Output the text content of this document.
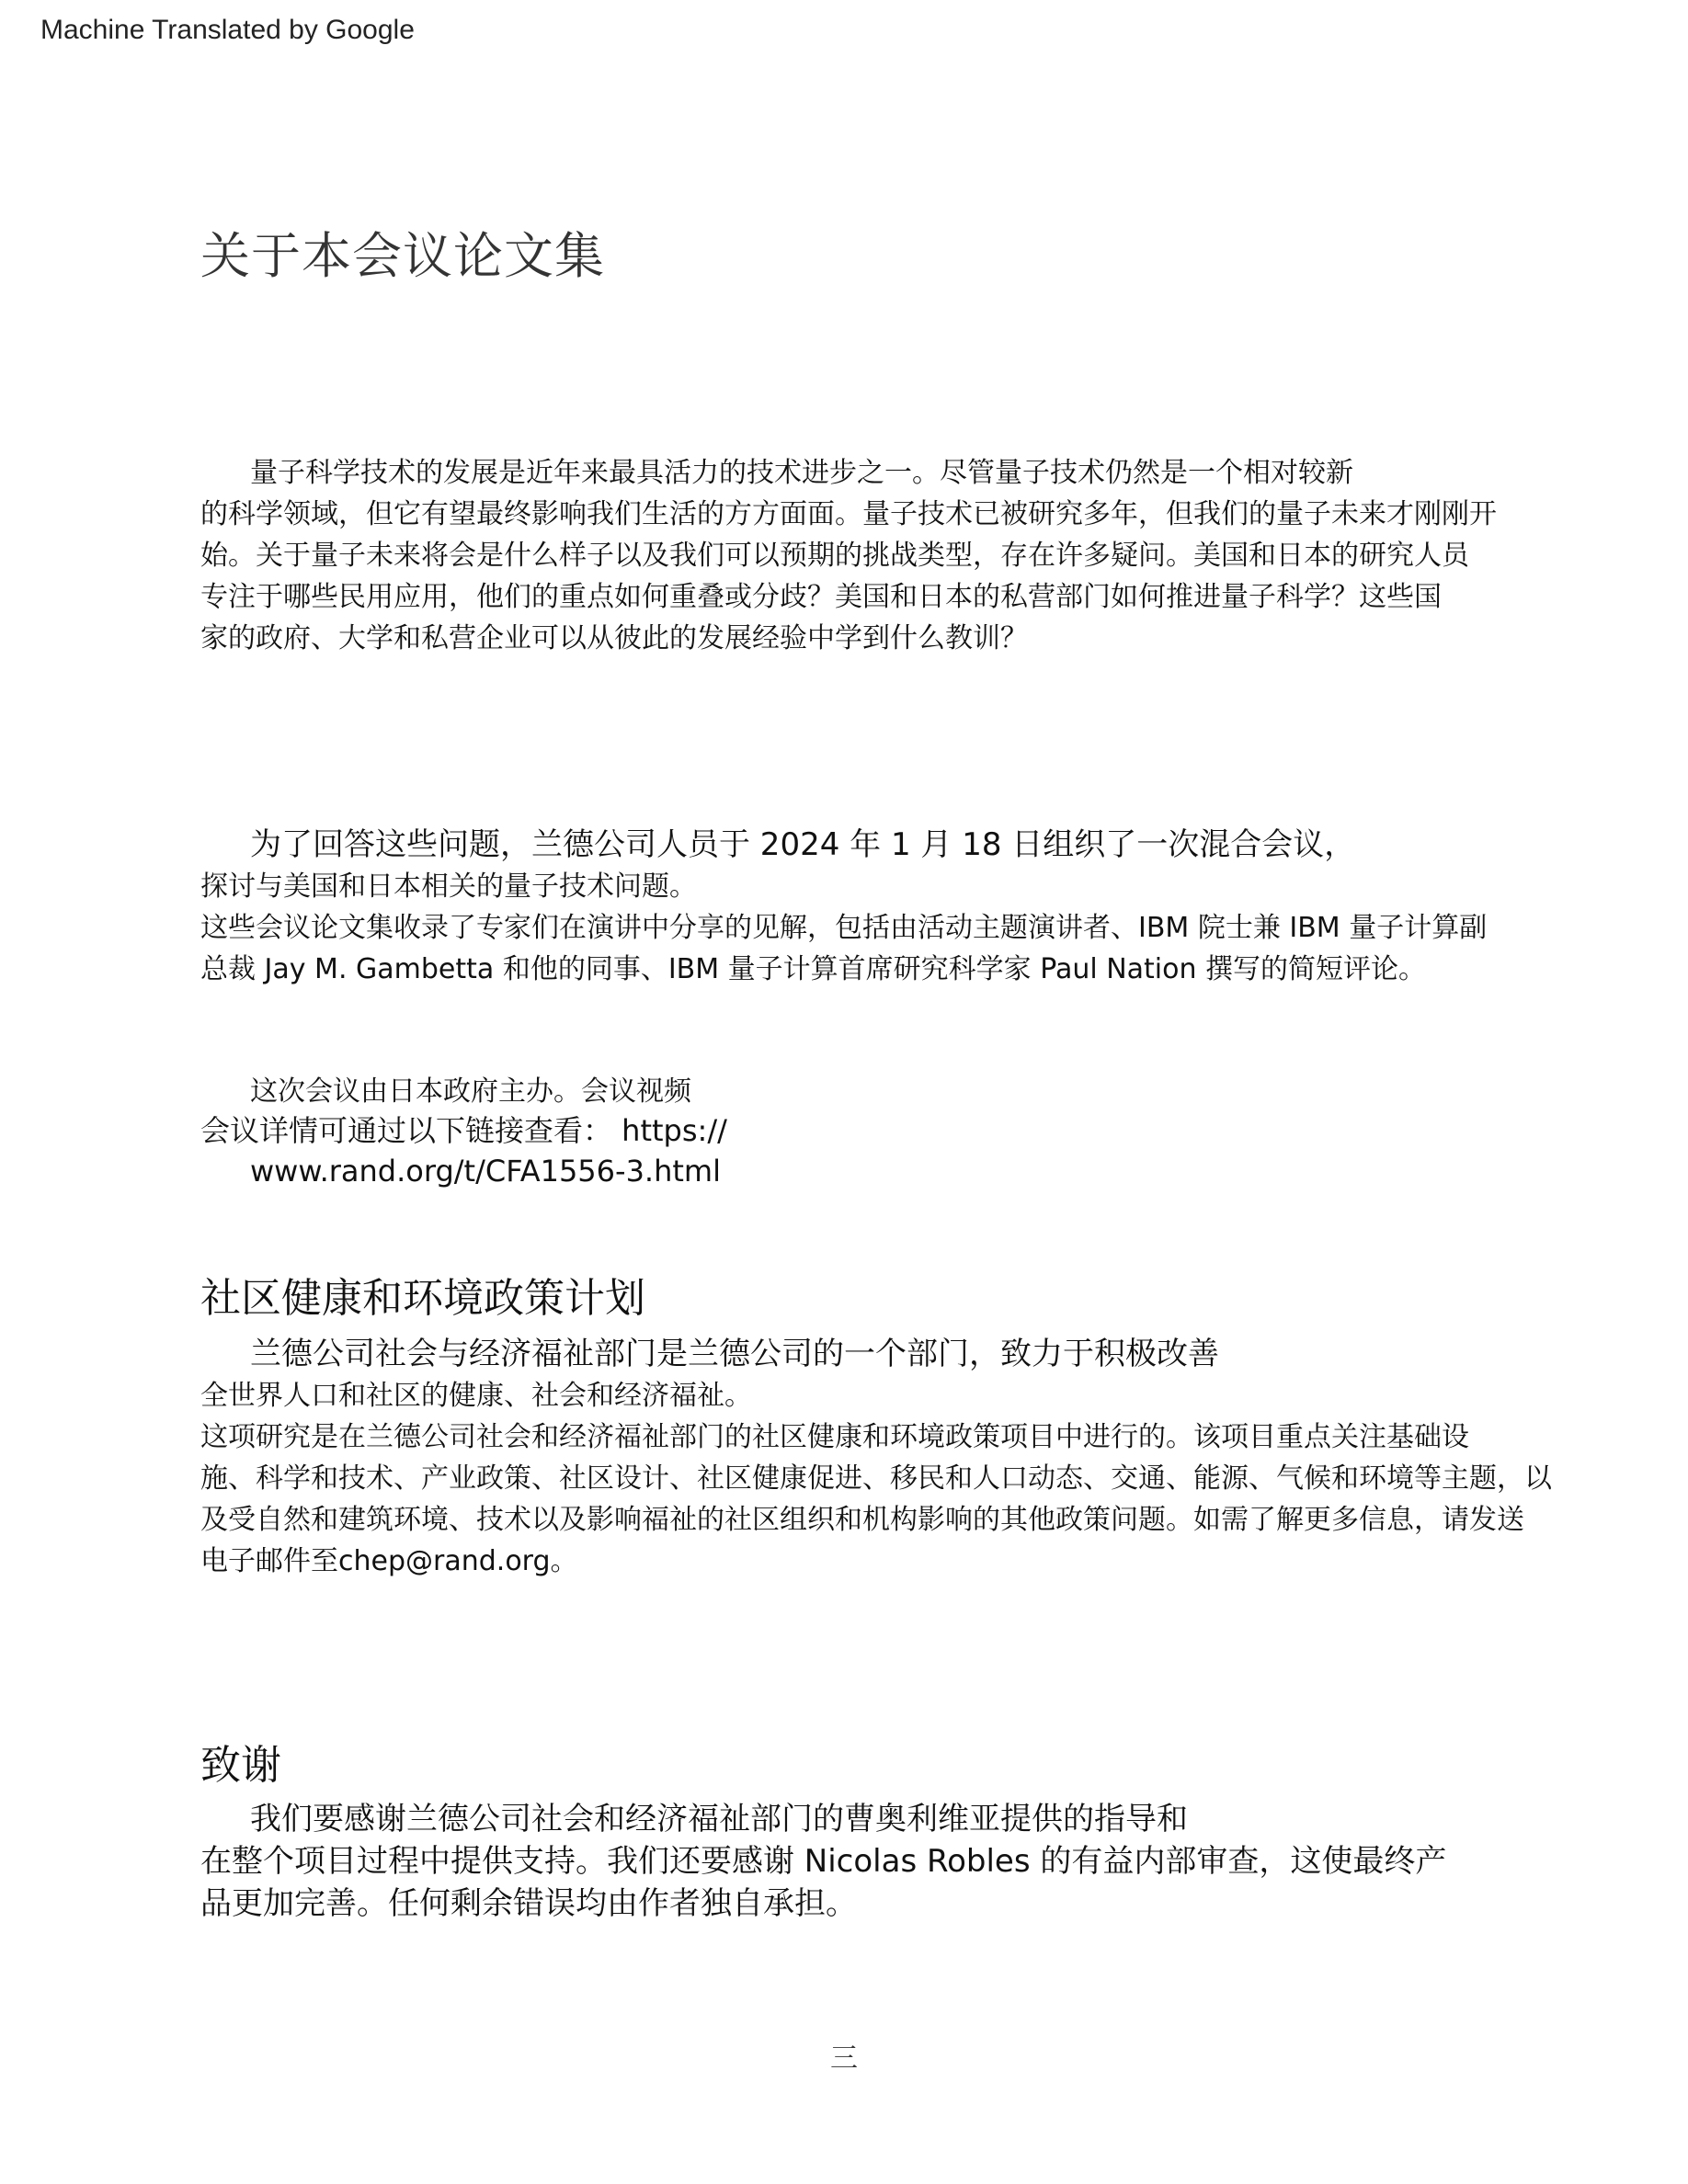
Machine Translated by Google
关于本会议论文集
量子科学技术的发展是近年来最具活力的技术进步之一。尽管量子技术仍然是一个相对较新
的科学领域，但它有望最终影响我们生活的方方面面。量子技术已被研究多年，但我们的量子未来才刚刚开
始。关于量子未来将会是什么样子以及我们可以预期的挑战类型，存在许多疑问。美国和日本的研究人员
专注于哪些民用应用，他们的重点如何重叠或分歧？美国和日本的私营部门如何推进量子科学？这些国
家的政府、大学和私营企业可以从彼此的发展经验中学到什么教训？
为了回答这些问题，兰德公司人员于 2024 年 1 月 18 日组织了一次混合会议，
探讨与美国和日本相关的量子技术问题。
这些会议论文集收录了专家们在演讲中分享的见解，包括由活动主题演讲者、IBM 院士兼 IBM 量子计算副
总裁 Jay M. Gambetta 和他的同事、IBM 量子计算首席研究科学家 Paul Nation 撰写的简短评论。
这次会议由日本政府主办。会议视频
会议详情可通过以下链接查看： https://
www.rand.org/t/CFA1556-3.html
社区健康和环境政策计划
兰德公司社会与经济福祉部门是兰德公司的一个部门，致力于积极改善
全世界人口和社区的健康、社会和经济福祉。
这项研究是在兰德公司社会和经济福祉部门的社区健康和环境政策项目中进行的。该项目重点关注基础设
施、科学和技术、产业政策、社区设计、社区健康促进、移民和人口动态、交通、能源、气候和环境等主题，以
及受自然和建筑环境、技术以及影响福祉的社区组织和机构影响的其他政策问题。如需了解更多信息，请发送
电子邮件至chep@rand.org。
致谢
我们要感谢兰德公司社会和经济福祉部门的曹奥利维亚提供的指导和
在整个项目过程中提供支持。我们还要感谢 Nicolas Robles 的有益内部审查，这使最终产
品更加完善。任何剩余错误均由作者独自承担。
三
